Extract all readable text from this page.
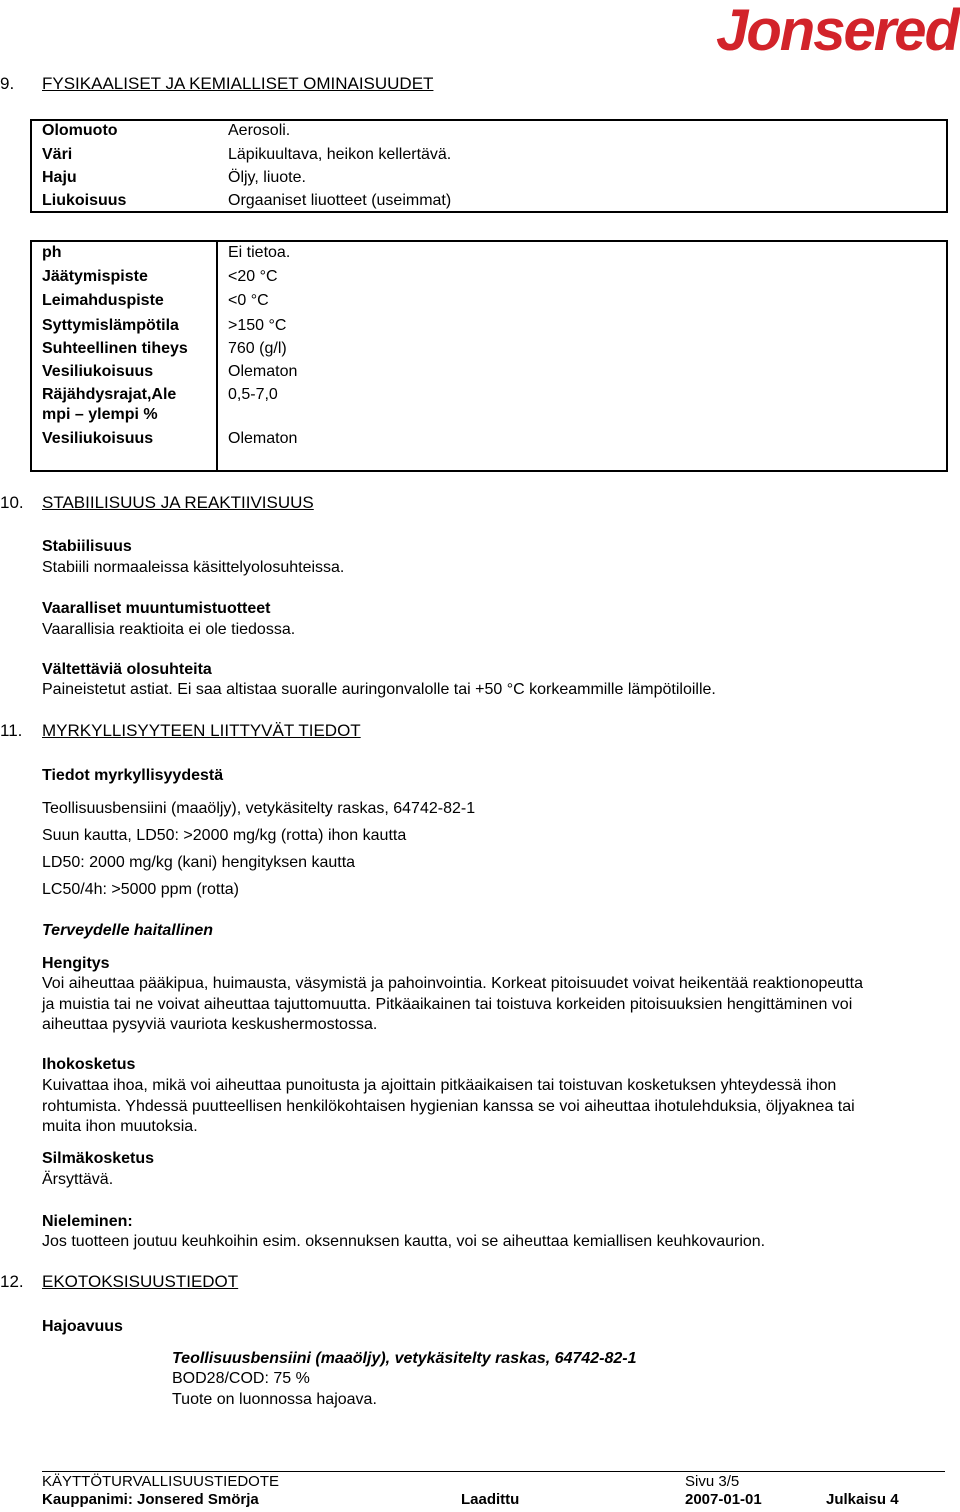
Jonsered
9. FYSIKAALISET JA KEMIALLISET OMINAISUUDET
Olomuoto	Aerosoli.
Väri	Läpikuultava, heikon kellertävä.
Haju	Öljy, liuote.
Liukoisuus	Orgaaniset liuotteet (useimmat)
ph	Ei tietoa.
Jäätymispiste	<20 °C
Leimahduspiste	<0 °C
Syttymislämpötila	>150 °C
Suhteellinen tiheys	760 (g/l)
Vesiliukoisuus	Olematon
Räjähdysrajat,Ale	0,5-7,0
mpi – ylempi %
Vesiliukoisuus	Olematon
10. STABIILISUUS JA REAKTIIVISUUS
Stabiilisuus
Stabiili normaaleissa käsittelyolosuhteissa.
Vaaralliset muuntumistuotteet
Vaarallisia reaktioita ei ole tiedossa.
Vältettäviä olosuhteita
Paineistetut astiat. Ei saa altistaa suoralle auringonvalolle tai +50 °C korkeammille lämpötiloille.
11. MYRKYLLISYYTEEN LIITTYVÄT TIEDOT
Tiedot myrkyllisyydestä
Teollisuusbensiini (maaöljy), vetykäsitelty raskas, 64742-82-1
Suun kautta, LD50: >2000 mg/kg (rotta) ihon kautta
LD50: 2000 mg/kg (kani) hengityksen kautta
LC50/4h: >5000 ppm (rotta)
Terveydelle haitallinen
Hengitys
Voi aiheuttaa pääkipua, huimausta, väsymistä ja pahoinvointia. Korkeat pitoisuudet voivat heikentää reaktionopeutta
ja muistia tai ne voivat aiheuttaa tajuttomuutta. Pitkäaikainen tai toistuva korkeiden pitoisuuksien hengittäminen voi
aiheuttaa pysyviä vauriota keskushermostossa.
Ihokosketus
Kuivattaa ihoa, mikä voi aiheuttaa punoitusta ja ajoittain pitkäaikaisen tai toistuvan kosketuksen yhteydessä ihon
rohtumista. Yhdessä puutteellisen henkilökohtaisen hygienian kanssa se voi aiheuttaa ihotulehduksia, öljyaknea tai
muita ihon muutoksia.
Silmäkosketus
Ärsyttävä.
Nieleminen:
Jos tuotteen joutuu keuhkoihin esim. oksennuksen kautta, voi se aiheuttaa kemiallisen keuhkovaurion.
12. EKOTOKSISUUSTIEDOT
Hajoavuus
Teollisuusbensiini (maaöljy), vetykäsitelty raskas, 64742-82-1
BOD28/COD: 75 %
Tuote on luonnossa hajoava.
KÄYTTÖTURVALLISUUSTIEDOTE	Sivu 3/5
Kauppanimi: Jonsered Smörja	Laadittu	2007-01-01	Julkaisu 4
